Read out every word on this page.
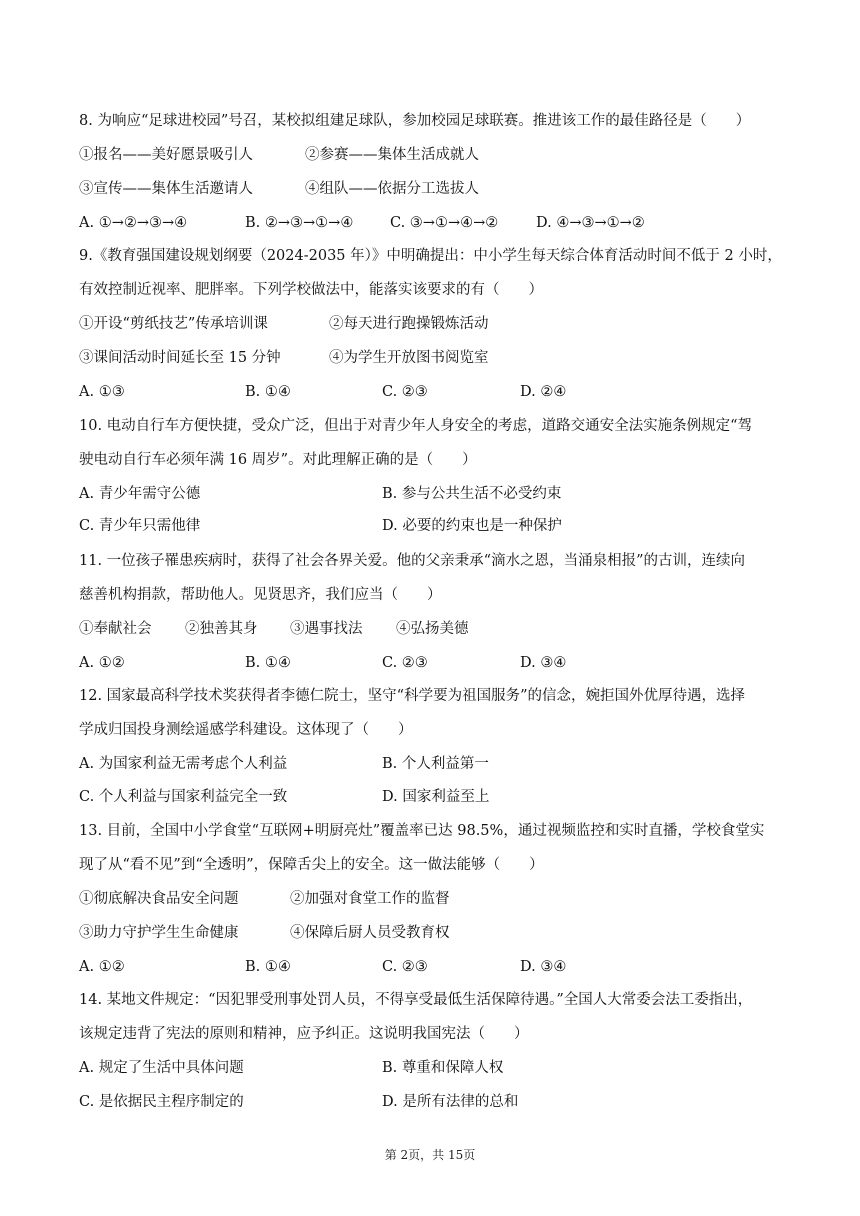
8. 为响应“足球进校园”号召，某校拟组建足球队，参加校园足球联赛。推进该工作的最佳路径是（　　）
①报名——美好愿景吸引人	②参赛——集体生活成就人
③宣传——集体生活邀请人	④组队——依据分工选拔人
A. ①→②→③→④	B. ②→③→①→④	C. ③→①→④→②	D. ④→③→①→②
9.《教育强国建设规划纲要（2024-2035 年）》中明确提出：中小学生每天综合体育活动时间不低于 2 小时，
有效控制近视率、肥胖率。下列学校做法中，能落实该要求的有（　　）
①开设“剪纸技艺”传承培训课	②每天进行跑操锻炼活动
③课间活动时间延长至 15 分钟	④为学生开放图书阅览室
A. ①③	B. ①④	C. ②③	D. ②④
10. 电动自行车方便快捷，受众广泛，但出于对青少年人身安全的考虑，道路交通安全法实施条例规定“驾
驶电动自行车必须年满 16 周岁”。对此理解正确的是（　　）
A. 青少年需守公德	B. 参与公共生活不必受约束
C. 青少年只需他律	D. 必要的约束也是一种保护
11. 一位孩子罹患疾病时，获得了社会各界关爱。他的父亲秉承“滴水之恩，当涌泉相报”的古训，连续向
慈善机构捐款，帮助他人。见贤思齐，我们应当（　　）
①奉献社会 ②独善其身 ③遇事找法 ④弘扬美德
A. ①②	B. ①④	C. ②③	D. ③④
12. 国家最高科学技术奖获得者李德仁院士，坚守“科学要为祖国服务”的信念，婉拒国外优厚待遇，选择
学成归国投身测绘遥感学科建设。这体现了（　　）
A. 为国家利益无需考虑个人利益	B. 个人利益第一
C. 个人利益与国家利益完全一致	D. 国家利益至上
13. 目前，全国中小学食堂“互联网+明厨亮灶”覆盖率已达 98.5%，通过视频监控和实时直播，学校食堂实
现了从“看不见”到“全透明”，保障舌尖上的安全。这一做法能够（　　）
①彻底解决食品安全问题	②加强对食堂工作的监督
③助力守护学生生命健康	④保障后厨人员受教育权
A. ①②	B. ①④	C. ②③	D. ③④
14. 某地文件规定：“因犯罪受刑事处罚人员，不得享受最低生活保障待遇。”全国人大常委会法工委指出，
该规定违背了宪法的原则和精神，应予纠正。这说明我国宪法（　　）
A. 规定了生活中具体问题	B. 尊重和保障人权
C. 是依据民主程序制定的	D. 是所有法律的总和
第 2页，共 15页
